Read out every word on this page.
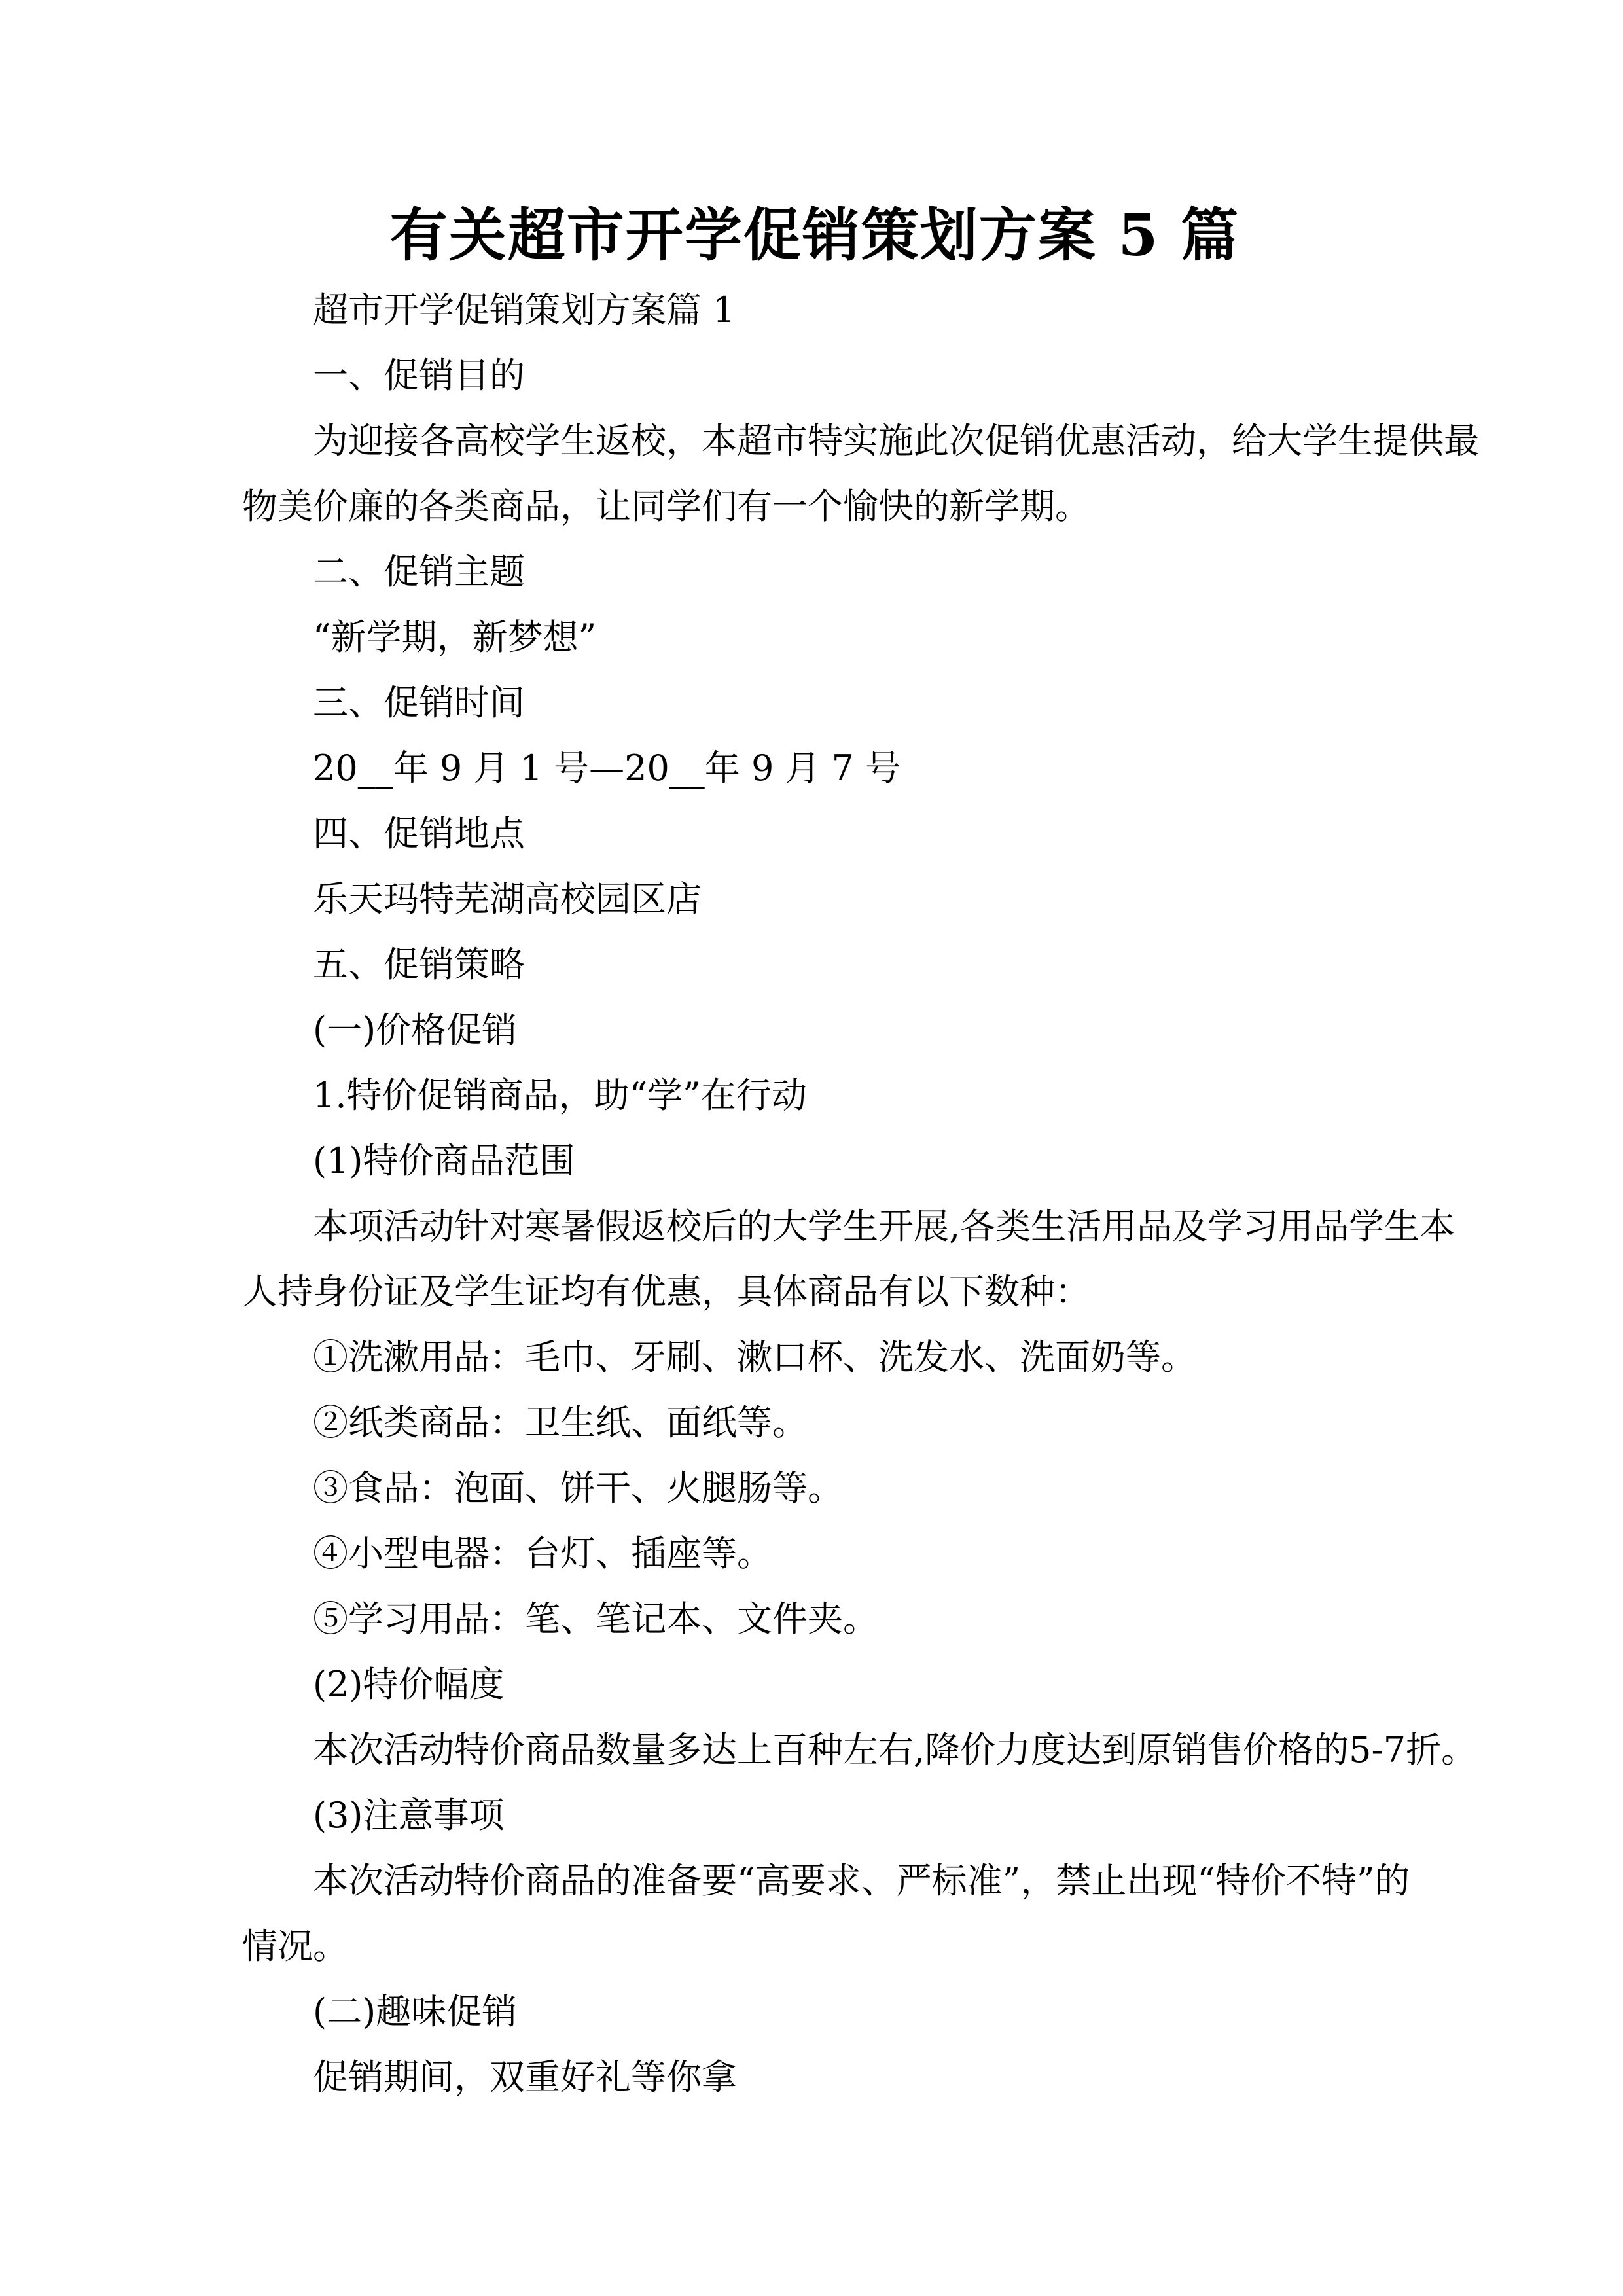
有关超市开学促销策划方案 5 篇
超市开学促销策划方案篇 1
一、促销目的
为迎接各高校学生返校，本超市特实施此次促销优惠活动，给大学生提供最
物美价廉的各类商品，让同学们有一个愉快的新学期。
二、促销主题
“新学期，新梦想”
三、促销时间
20__年 9 月 1 号—20__年 9 月 7 号
四、促销地点
乐天玛特芜湖高校园区店
五、促销策略
(一)价格促销
1.特价促销商品，助“学”在行动
(1)特价商品范围
本项活动针对寒暑假返校后的大学生开展,各类生活用品及学习用品学生本
人持身份证及学生证均有优惠，具体商品有以下数种：
①洗漱用品：毛巾、牙刷、漱口杯、洗发水、洗面奶等。
②纸类商品：卫生纸、面纸等。
③食品：泡面、饼干、火腿肠等。
④小型电器：台灯、插座等。
⑤学习用品：笔、笔记本、文件夹。
(2)特价幅度
本次活动特价商品数量多达上百种左右,降价力度达到原销售价格的5-7折。
(3)注意事项
本次活动特价商品的准备要“高要求、严标准”，禁止出现“特价不特”的
情况。
(二)趣味促销
促销期间，双重好礼等你拿
